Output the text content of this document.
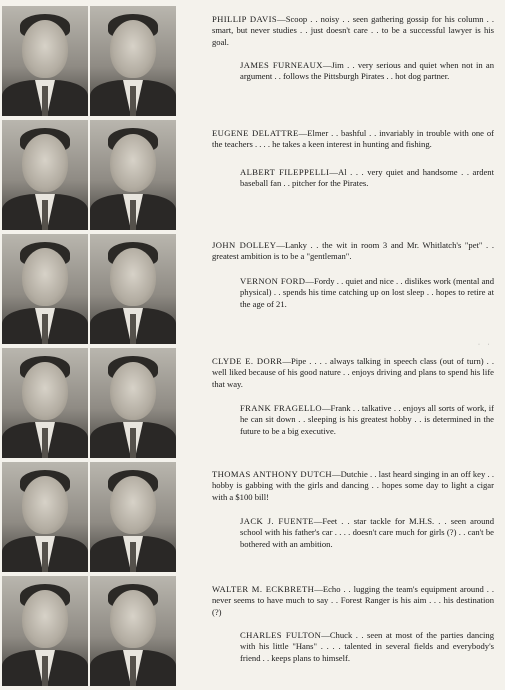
PHILLIP DAVIS—Scoop . . noisy . . seen gathering gossip for his column . . smart, but never studies . . just doesn't care . . to be a successful lawyer is his goal.
JAMES FURNEAUX—Jim . . very serious and quiet when not in an argument . . follows the Pittsburgh Pirates . . hot dog partner.
EUGENE DELATTRE—Elmer . . bashful . . invariably in trouble with one of the teachers . . . . he takes a keen interest in hunting and fishing.
ALBERT FILEPPELLI—Al . . . very quiet and handsome . . ardent baseball fan . . pitcher for the Pirates.
JOHN DOLLEY—Lanky . . the wit in room 3 and Mr. Whitlatch's "pet" . . greatest ambition is to be a "gentleman".
VERNON FORD—Fordy . . quiet and nice . . dislikes work (mental and physical) . . spends his time catching up on lost sleep . . hopes to retire at the age of 21.
CLYDE E. DORR—Pipe . . . . always talking in speech class (out of turn) . . well liked because of his good nature . . enjoys driving and plans to spend his life that way.
FRANK FRAGELLO—Frank . . talkative . . enjoys all sorts of work, if he can sit down . . sleeping is his greatest hobby . . is determined in the future to be a big executive.
THOMAS ANTHONY DUTCH—Dutchie . . last heard singing in an off key . . hobby is gabbing with the girls and dancing . . hopes some day to light a cigar with a $100 bill!
JACK J. FUENTE—Feet . . star tackle for M.H.S. . . seen around school with his father's car . . . . doesn't care much for girls (?) . . can't be bothered with an ambition.
WALTER M. ECKBRETH—Echo . . lugging the team's equipment around . . never seems to have much to say . . Forest Ranger is his aim . . . his destination (?)
CHARLES FULTON—Chuck . . seen at most of the parties dancing with his little "Hans" . . . . talented in several fields and everybody's friend . . keeps plans to himself.
· ·
